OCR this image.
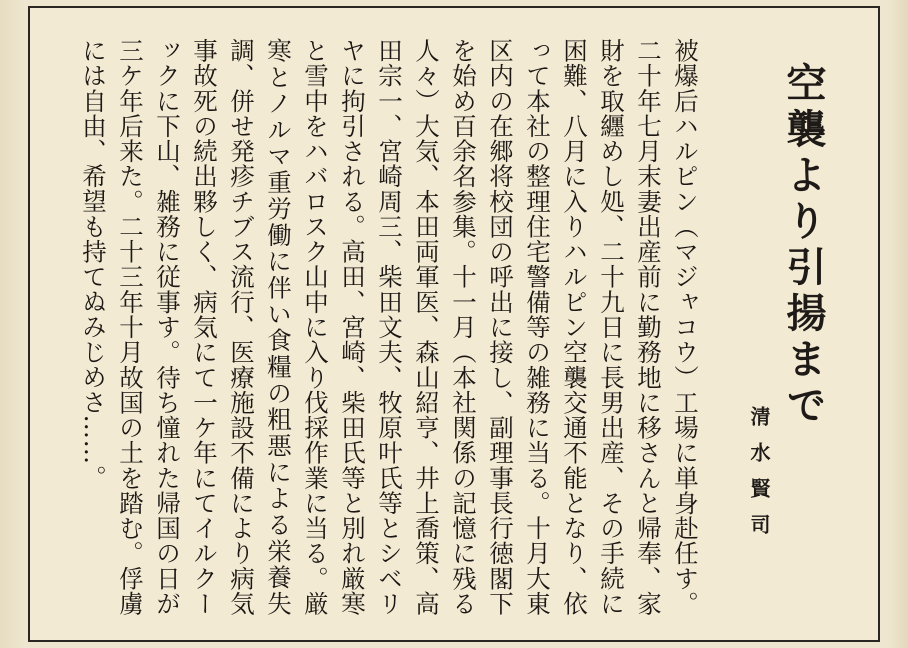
空襲より引揚まで
清水賢司

被爆后ハルピン（マジャコウ）工場に単身赴任す。二十年七月末妻出産前に勤務地に移さんと帰奉、家財を取纒めし処、二十九日に長男出産、その手続に困難、八月に入りハルピン空襲交通不能となり、依って本社の整理住宅警備等の雑務に当る。十月大東区内の在郷将校団の呼出に接し、副理事長行徳閣下を始め百余名参集。十一月（本社関係の記憶に残る人々）大気、本田両軍医、森山紹亨、井上喬策、高田宗一、宮崎周三、柴田文夫、牧原叶氏等とシベリヤに拘引される。高田、宮崎、柴田氏等と別れ厳寒と雪中をハバロスク山中に入り伐採作業に当る。厳寒とノルマ重労働に伴い食糧の粗悪による栄養失調、併せ発疹チブス流行、医療施設不備により病気事故死の続出夥しく、病気にて一ケ年にてイルクーックに下山、雑務に従事す。待ち憧れた帰国の日が三ケ年后来た。二十三年十月故国の土を踏む。俘虜には自由、希望も持てぬみじめさ……。
